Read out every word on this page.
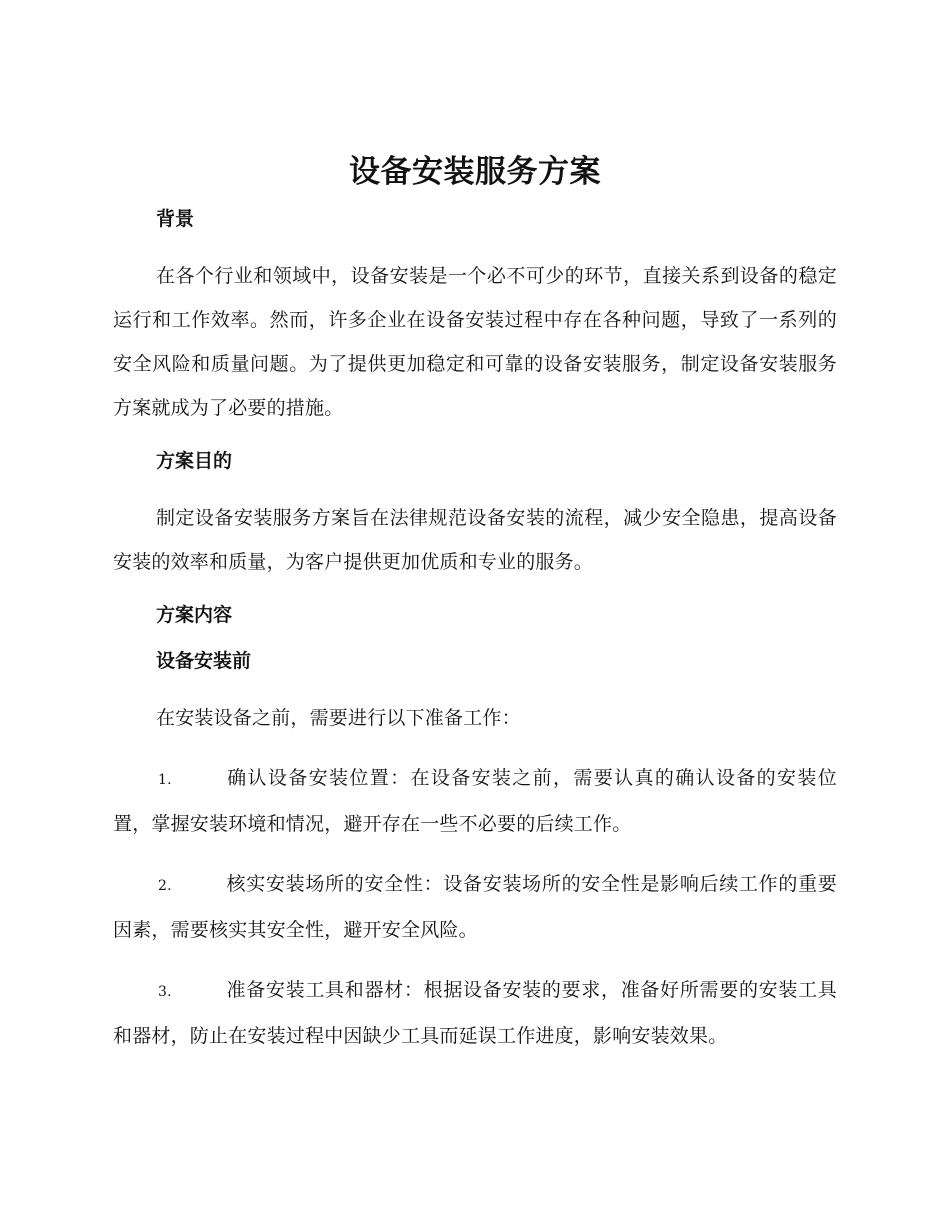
设备安装服务方案
背景

在各个行业和领域中，设备安装是一个必不可少的环节，直接关系到设备的稳定运行和工作效率。然而，许多企业在设备安装过程中存在各种问题，导致了一系列的安全风险和质量问题。为了提供更加稳定和可靠的设备安装服务，制定设备安装服务方案就成为了必要的措施。

方案目的

制定设备安装服务方案旨在法律规范设备安装的流程，减少安全隐患，提高设备安装的效率和质量，为客户提供更加优质和专业的服务。

方案内容
设备安装前

在安装设备之前，需要进行以下准备工作：

1.	确认设备安装位置：在设备安装之前，需要认真的确认设备的安装位置，掌握安装环境和情况，避开存在一些不必要的后续工作。

2.	核实安装场所的安全性：设备安装场所的安全性是影响后续工作的重要因素，需要核实其安全性，避开安全风险。

3.	准备安装工具和器材：根据设备安装的要求，准备好所需要的安装工具和器材，防止在安装过程中因缺少工具而延误工作进度，影响安装效果。
